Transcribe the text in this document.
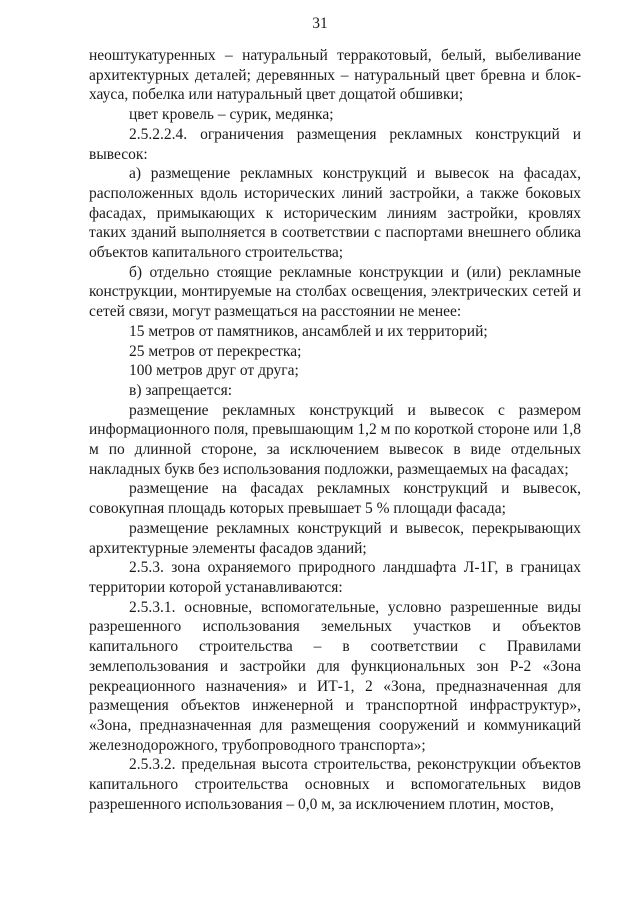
31

неоштукатуренных – натуральный терракотовый, белый, выбеливание архитектурных деталей; деревянных – натуральный цвет бревна и блок-хауса, побелка или натуральный цвет дощатой обшивки;

цвет кровель – сурик, медянка;

2.5.2.2.4. ограничения размещения рекламных конструкций и вывесок:

а) размещение рекламных конструкций и вывесок на фасадах, расположенных вдоль исторических линий застройки, а также боковых фасадах, примыкающих к историческим линиям застройки, кровлях таких зданий выполняется в соответствии с паспортами внешнего облика объектов капитального строительства;

б) отдельно стоящие рекламные конструкции и (или) рекламные конструкции, монтируемые на столбах освещения, электрических сетей и сетей связи, могут размещаться на расстоянии не менее:

15 метров от памятников, ансамблей и их территорий;

25 метров от перекрестка;

100 метров друг от друга;

в) запрещается:

размещение рекламных конструкций и вывесок с размером информационного поля, превышающим 1,2 м по короткой стороне или 1,8 м по длинной стороне, за исключением вывесок в виде отдельных накладных букв без использования подложки, размещаемых на фасадах;

размещение на фасадах рекламных конструкций и вывесок, совокупная площадь которых превышает 5 % площади фасада;

размещение рекламных конструкций и вывесок, перекрывающих архитектурные элементы фасадов зданий;

2.5.3. зона охраняемого природного ландшафта Л-1Г, в границах территории которой устанавливаются:

2.5.3.1. основные, вспомогательные, условно разрешенные виды разрешенного использования земельных участков и объектов капитального строительства – в соответствии с Правилами землепользования и застройки для функциональных зон Р-2 «Зона рекреационного назначения» и ИТ-1, 2 «Зона, предназначенная для размещения объектов инженерной и транспортной инфраструктур», «Зона, предназначенная для размещения сооружений и коммуникаций железнодорожного, трубопроводного транспорта»;

2.5.3.2. предельная высота строительства, реконструкции объектов капитального строительства основных и вспомогательных видов разрешенного использования – 0,0 м, за исключением плотин, мостов,
